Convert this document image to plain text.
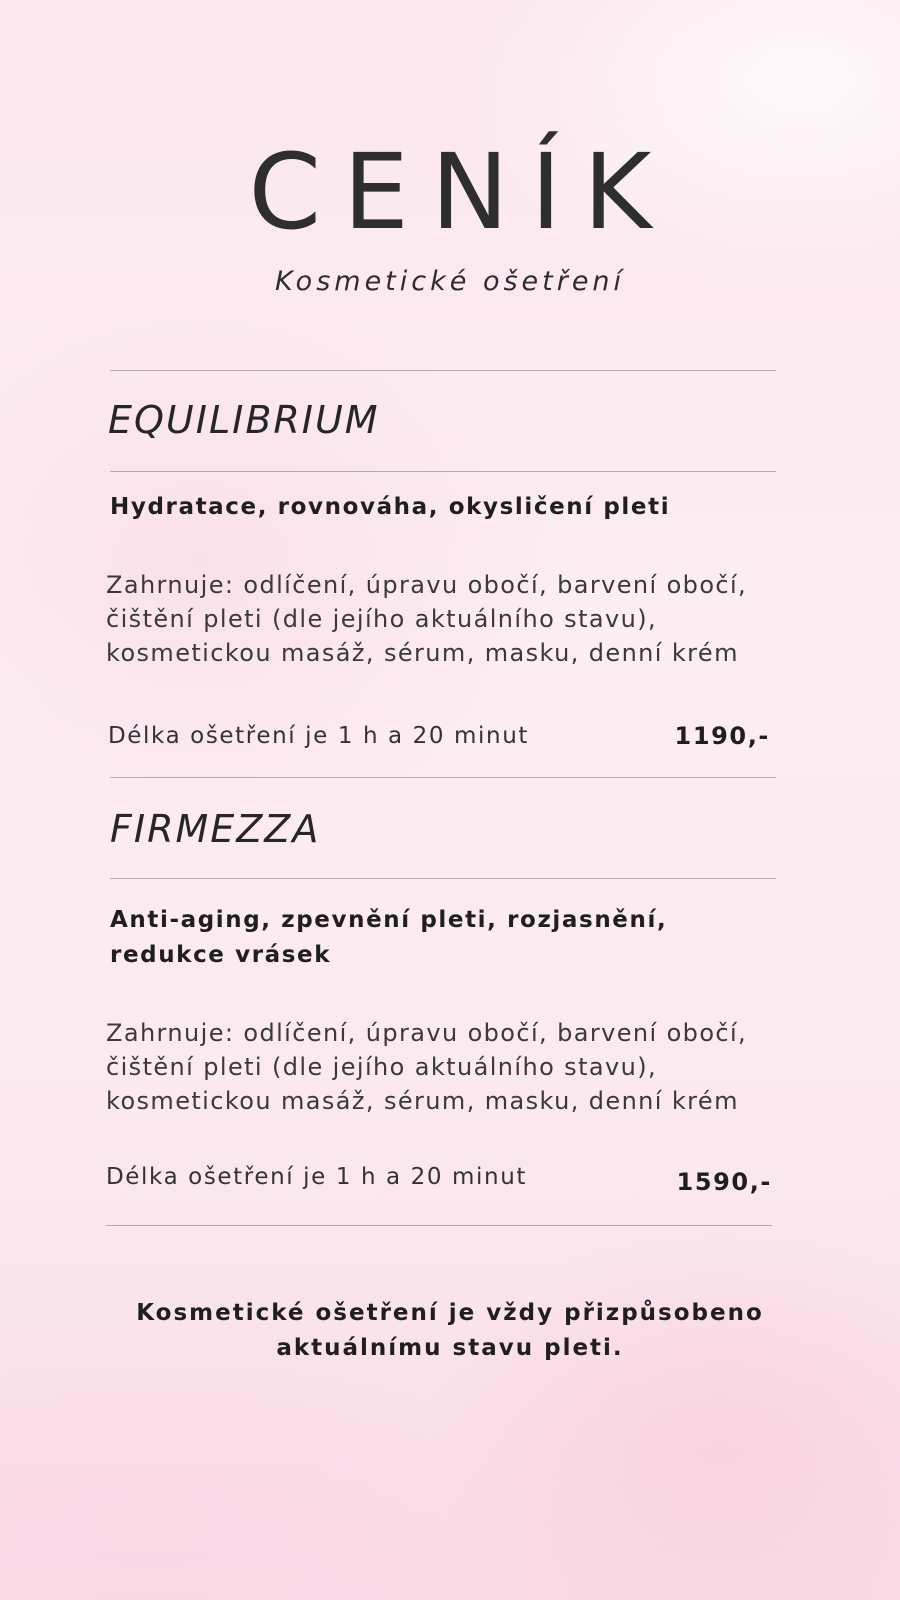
CENÍK
Kosmetické ošetření
EQUILIBRIUM
Hydratace, rovnováha, okysličení pleti
Zahrnuje: odlíčení, úpravu obočí, barvení obočí,
čištění pleti (dle jejího aktuálního stavu),
kosmetickou masáž, sérum, masku, denní krém
Délka ošetření je 1 h a 20 minut	1190,-
FIRMEZZA
Anti-aging, zpevnění pleti, rozjasnění,
redukce vrásek
Zahrnuje: odlíčení, úpravu obočí, barvení obočí,
čištění pleti (dle jejího aktuálního stavu),
kosmetickou masáž, sérum, masku, denní krém
Délka ošetření je 1 h a 20 minut	1590,-
Kosmetické ošetření je vždy přizpůsobeno
aktuálnímu stavu pleti.
